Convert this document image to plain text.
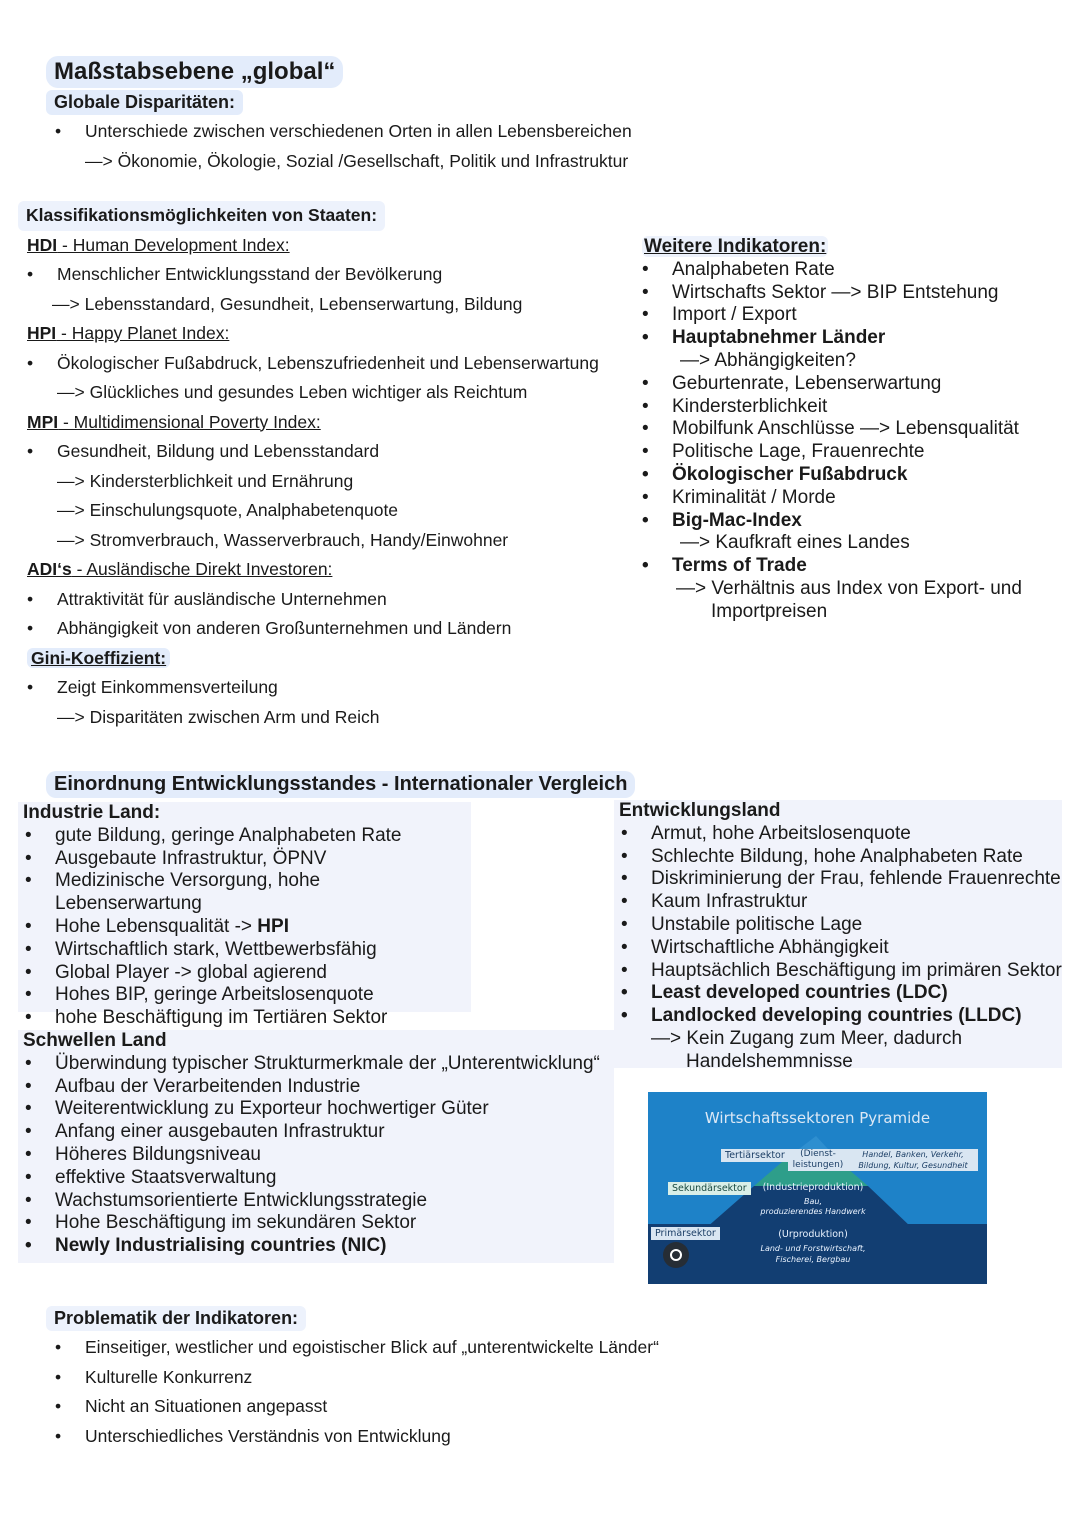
Maßstabsebene „global“
Globale Disparitäten:
• Unterschiede zwischen verschiedenen Orten in allen Lebensbereichen
—> Ökonomie, Ökologie, Sozial /Gesellschaft, Politik und Infrastruktur
Klassifikationsmöglichkeiten von Staaten:
HDI - Human Development Index:
• Menschlicher Entwicklungsstand der Bevölkerung
—> Lebensstandard, Gesundheit, Lebenserwartung, Bildung
HPI - Happy Planet Index:
• Ökologischer Fußabdruck, Lebenszufriedenheit und Lebenserwartung
—> Glückliches und gesundes Leben wichtiger als Reichtum
MPI - Multidimensional Poverty Index:
• Gesundheit, Bildung und Lebensstandard
—> Kindersterblichkeit und Ernährung
—> Einschulungsquote, Analphabetenquote
—> Stromverbrauch, Wasserverbrauch, Handy/Einwohner
ADI‘s - Ausländische Direkt Investoren:
• Attraktivität für ausländische Unternehmen
• Abhängigkeit von anderen Großunternehmen und Ländern
Gini-Koeffizient:
• Zeigt Einkommensverteilung
—> Disparitäten zwischen Arm und Reich
Weitere Indikatoren:
• Analphabeten Rate
• Wirtschafts Sektor —> BIP Entstehung
• Import / Export
• Hauptabnehmer Länder
—> Abhängigkeiten?
• Geburtenrate, Lebenserwartung
• Kindersterblichkeit
• Mobilfunk Anschlüsse —> Lebensqualität
• Politische Lage, Frauenrechte
• Ökologischer Fußabdruck
• Kriminalität / Morde
• Big-Mac-Index
—> Kaufkraft eines Landes
• Terms of Trade
—> Verhältnis aus Index von Export- und
Importpreisen
Einordnung Entwicklungsstandes - Internationaler Vergleich
Industrie Land:
• gute Bildung, geringe Analphabeten Rate
• Ausgebaute Infrastruktur, ÖPNV
• Medizinische Versorgung, hohe Lebenserwartung
• Hohe Lebensqualität -> HPI
• Wirtschaftlich stark, Wettbewerbsfähig
• Global Player -> global agierend
• Hohes BIP, geringe Arbeitslosenquote
• hohe Beschäftigung im Tertiären Sektor
Entwicklungsland
• Armut, hohe Arbeitslosenquote
• Schlechte Bildung, hohe Analphabeten Rate
• Diskriminierung der Frau, fehlende Frauenrechte
• Kaum Infrastruktur
• Unstabile politische Lage
• Wirtschaftliche Abhängigkeit
• Hauptsächlich Beschäftigung im primären Sektor
• Least developed countries (LDC)
• Landlocked developing countries (LLDC)
—> Kein Zugang zum Meer, dadurch
Handelshemmnisse
Schwellen Land
• Überwindung typischer Strukturmerkmale der „Unterentwicklung“
• Aufbau der Verarbeitenden Industrie
• Weiterentwicklung zu Exporteur hochwertiger Güter
• Anfang einer ausgebauten Infrastruktur
• Höheres Bildungsniveau
• effektive Staatsverwaltung
• Wachstumsorientierte Entwicklungsstrategie
• Hohe Beschäftigung im sekundären Sektor
• Newly Industrialising countries (NIC)
Wirtschaftssektoren Pyramide
Tertiärsektor	(Dienst-
leistungen)
Handel, Banken, Verkehr,
Bildung, Kultur, Gesundheit
Sekundärsektor	(Industrieproduktion)
Bau,
produzierendes Handwerk
Primärsektor	(Urproduktion)
Land- und Forstwirtschaft,
Fischerei, Bergbau
Problematik der Indikatoren:
• Einseitiger, westlicher und egoistischer Blick auf „unterentwickelte Länder“
• Kulturelle Konkurrenz
• Nicht an Situationen angepasst
• Unterschiedliches Verständnis von Entwicklung
